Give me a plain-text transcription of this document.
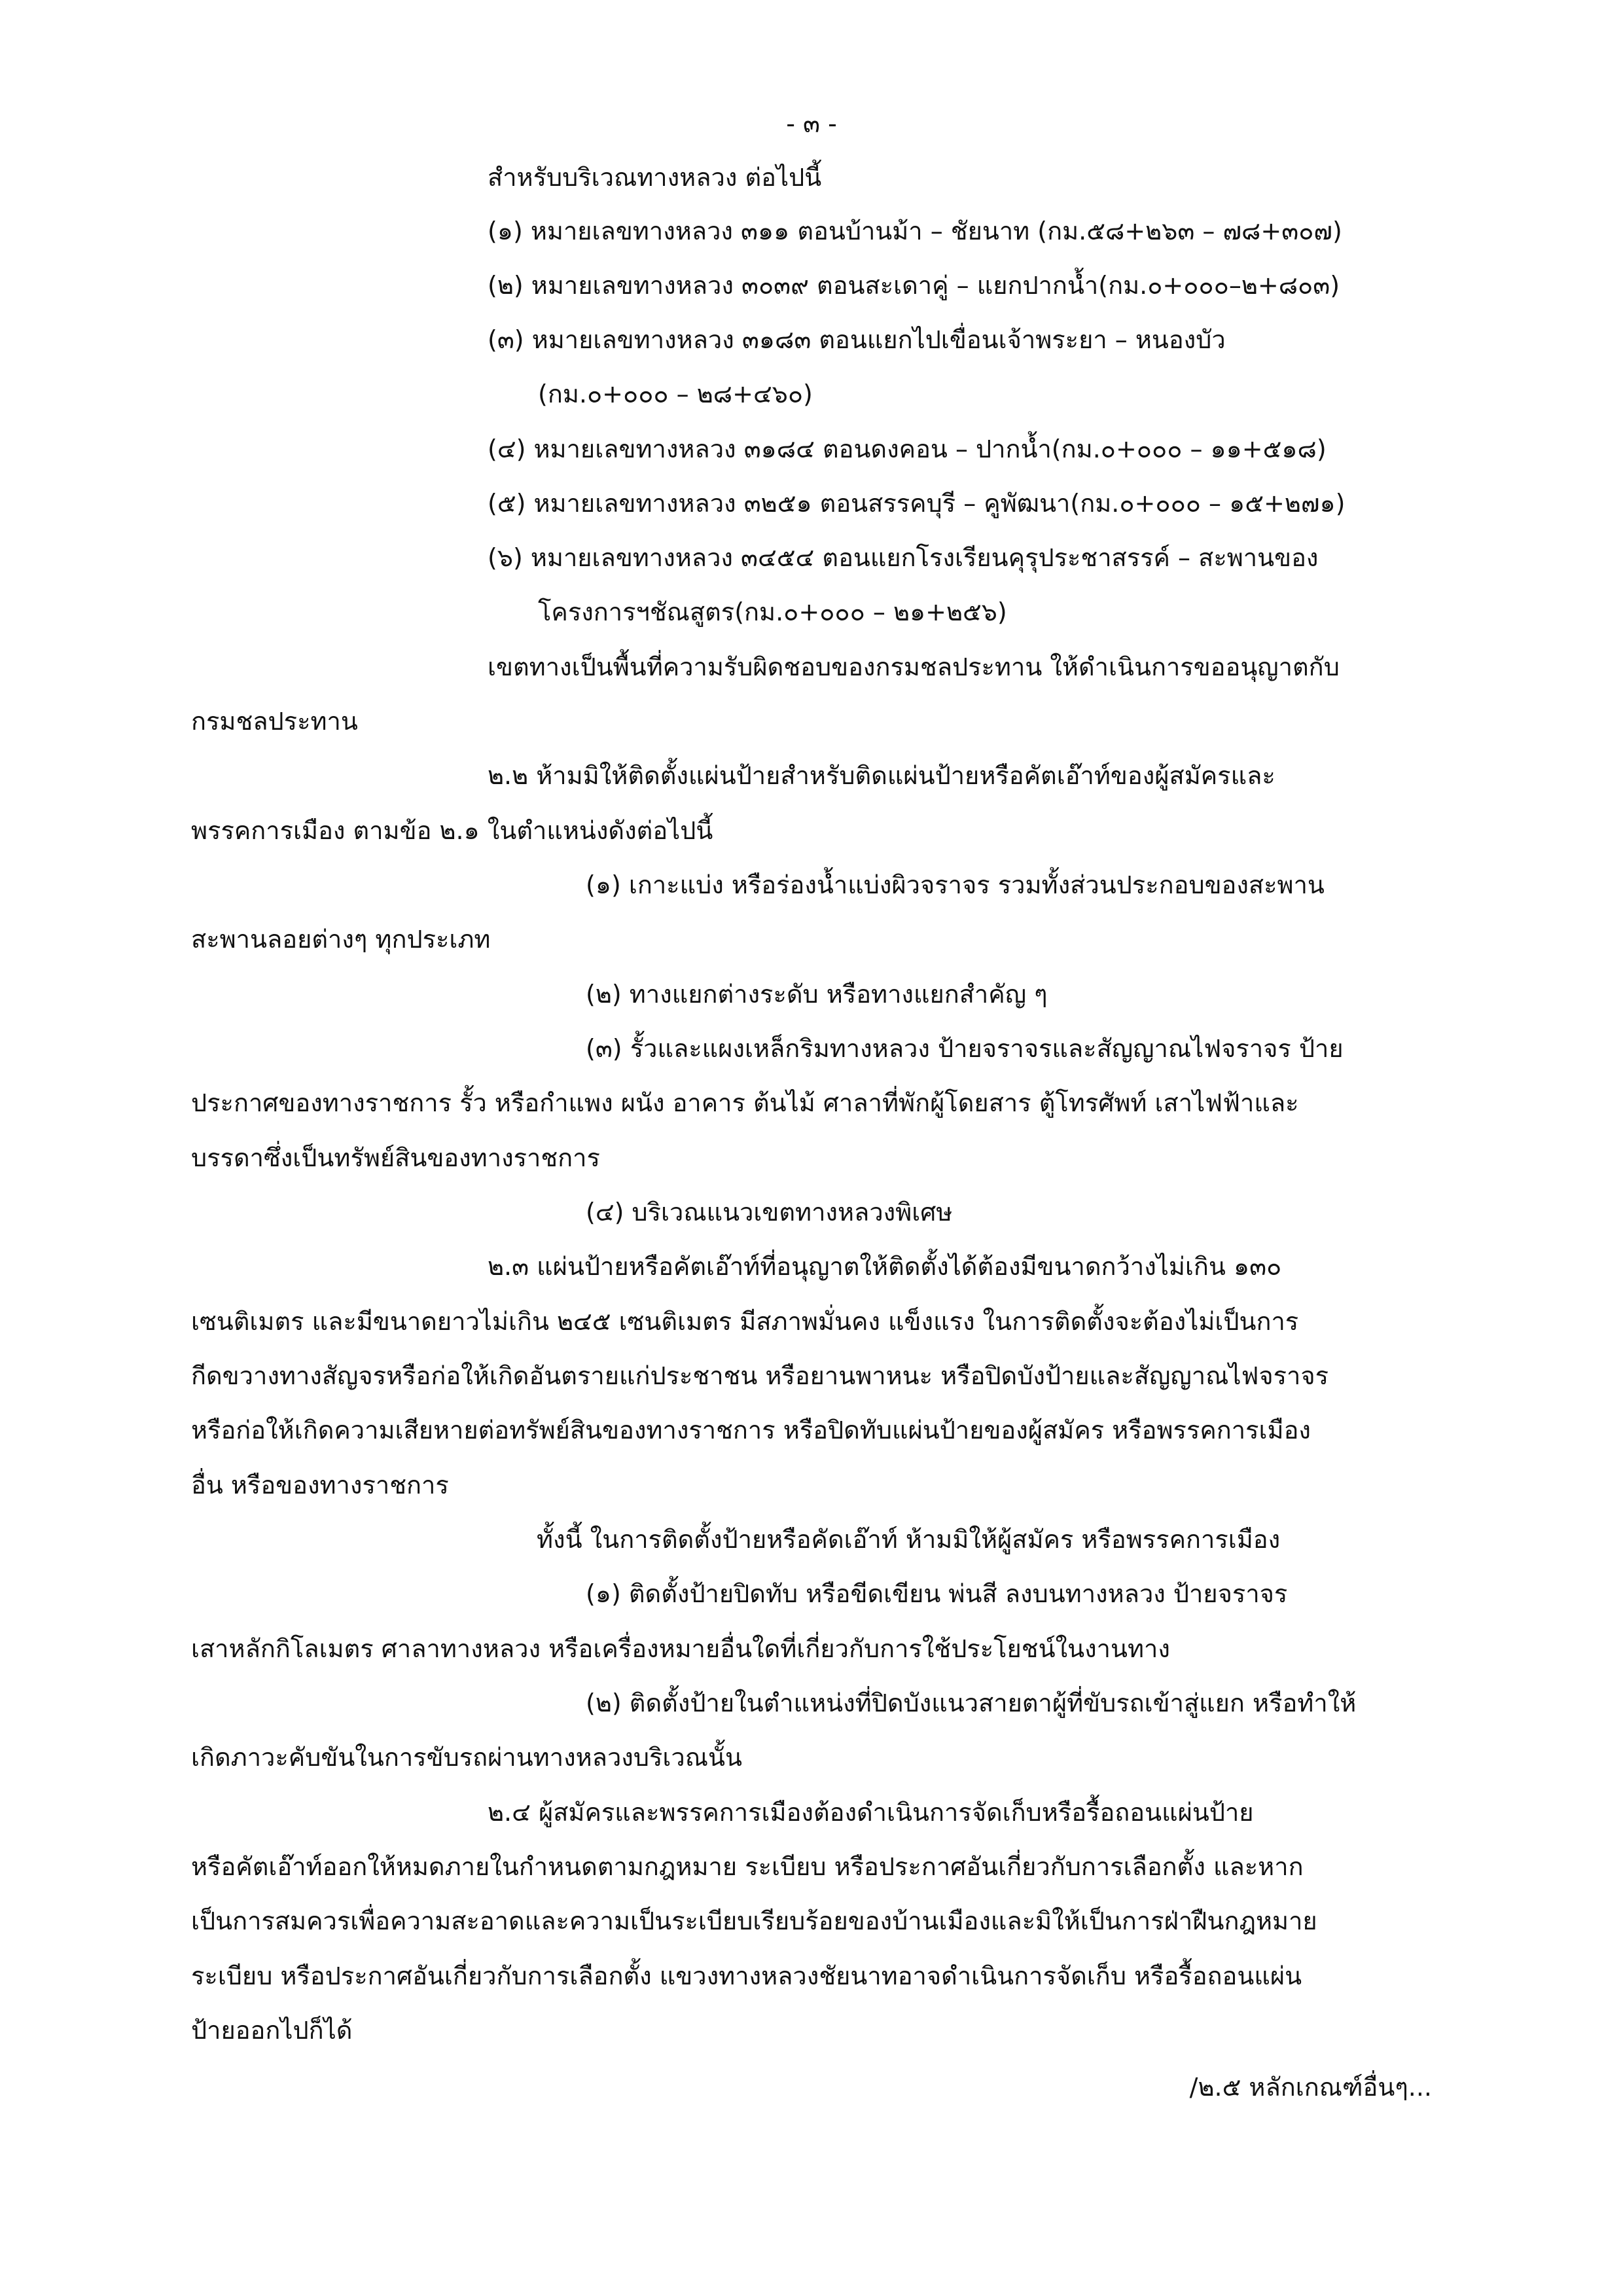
- ๓ -
สำหรับบริเวณทางหลวง ต่อไปนี้
(๑) หมายเลขทางหลวง ๓๑๑ ตอนบ้านม้า – ชัยนาท (กม.๕๘+๒๖๓ – ๗๘+๓๐๗)
(๒) หมายเลขทางหลวง ๓๐๓๙ ตอนสะเดาคู่ – แยกปากน้ำ(กม.๐+๐๐๐–๒+๘๐๓)
(๓) หมายเลขทางหลวง ๓๑๘๓ ตอนแยกไปเขื่อนเจ้าพระยา – หนองบัว
(กม.๐+๐๐๐ – ๒๘+๔๖๐)
(๔) หมายเลขทางหลวง ๓๑๘๔ ตอนดงคอน – ปากน้ำ(กม.๐+๐๐๐ – ๑๑+๕๑๘)
(๕) หมายเลขทางหลวง ๓๒๕๑ ตอนสรรคบุรี – คูพัฒนา(กม.๐+๐๐๐ – ๑๕+๒๗๑)
(๖) หมายเลขทางหลวง ๓๔๕๔ ตอนแยกโรงเรียนคุรุประชาสรรค์ – สะพานของ
โครงการฯชัณสูตร(กม.๐+๐๐๐ – ๒๑+๒๕๖)
เขตทางเป็นพื้นที่ความรับผิดชอบของกรมชลประทาน ให้ดำเนินการขออนุญาตกับ
กรมชลประทาน
๒.๒ ห้ามมิให้ติดตั้งแผ่นป้ายสำหรับติดแผ่นป้ายหรือคัตเอ๊าท์ของผู้สมัครและ
พรรคการเมือง ตามข้อ ๒.๑ ในตำแหน่งดังต่อไปนี้
(๑) เกาะแบ่ง หรือร่องน้ำแบ่งผิวจราจร รวมทั้งส่วนประกอบของสะพาน
สะพานลอยต่างๆ ทุกประเภท
(๒) ทางแยกต่างระดับ หรือทางแยกสำคัญ ๆ
(๓) รั้วและแผงเหล็กริมทางหลวง ป้ายจราจรและสัญญาณไฟจราจร ป้าย
ประกาศของทางราชการ รั้ว หรือกำแพง ผนัง อาคาร ต้นไม้ ศาลาที่พักผู้โดยสาร ตู้โทรศัพท์ เสาไฟฟ้าและ
บรรดาซึ่งเป็นทรัพย์สินของทางราชการ
(๔) บริเวณแนวเขตทางหลวงพิเศษ
๒.๓ แผ่นป้ายหรือคัตเอ๊าท์ที่อนุญาตให้ติดตั้งได้ต้องมีขนาดกว้างไม่เกิน ๑๓๐
เซนติเมตร และมีขนาดยาวไม่เกิน ๒๔๕ เซนติเมตร มีสภาพมั่นคง แข็งแรง ในการติดตั้งจะต้องไม่เป็นการ
กีดขวางทางสัญจรหรือก่อให้เกิดอันตรายแก่ประชาชน หรือยานพาหนะ หรือปิดบังป้ายและสัญญาณไฟจราจร
หรือก่อให้เกิดความเสียหายต่อทรัพย์สินของทางราชการ หรือปิดทับแผ่นป้ายของผู้สมัคร หรือพรรคการเมือง
อื่น หรือของทางราชการ
ทั้งนี้ ในการติดตั้งป้ายหรือคัดเอ๊าท์ ห้ามมิให้ผู้สมัคร หรือพรรคการเมือง
(๑) ติดตั้งป้ายปิดทับ หรือขีดเขียน พ่นสี ลงบนทางหลวง ป้ายจราจร
เสาหลักกิโลเมตร ศาลาทางหลวง หรือเครื่องหมายอื่นใดที่เกี่ยวกับการใช้ประโยชน์ในงานทาง
(๒) ติดตั้งป้ายในตำแหน่งที่ปิดบังแนวสายตาผู้ที่ขับรถเข้าสู่แยก หรือทำให้
เกิดภาวะคับขันในการขับรถผ่านทางหลวงบริเวณนั้น
๒.๔ ผู้สมัครและพรรคการเมืองต้องดำเนินการจัดเก็บหรือรื้อถอนแผ่นป้าย
หรือคัตเอ๊าท์ออกให้หมดภายในกำหนดตามกฎหมาย ระเบียบ หรือประกาศอันเกี่ยวกับการเลือกตั้ง และหาก
เป็นการสมควรเพื่อความสะอาดและความเป็นระเบียบเรียบร้อยของบ้านเมืองและมิให้เป็นการฝ่าฝืนกฎหมาย
ระเบียบ หรือประกาศอันเกี่ยวกับการเลือกตั้ง แขวงทางหลวงชัยนาทอาจดำเนินการจัดเก็บ หรือรื้อถอนแผ่น
ป้ายออกไปก็ได้
/๒.๕ หลักเกณฑ์อื่นๆ...
